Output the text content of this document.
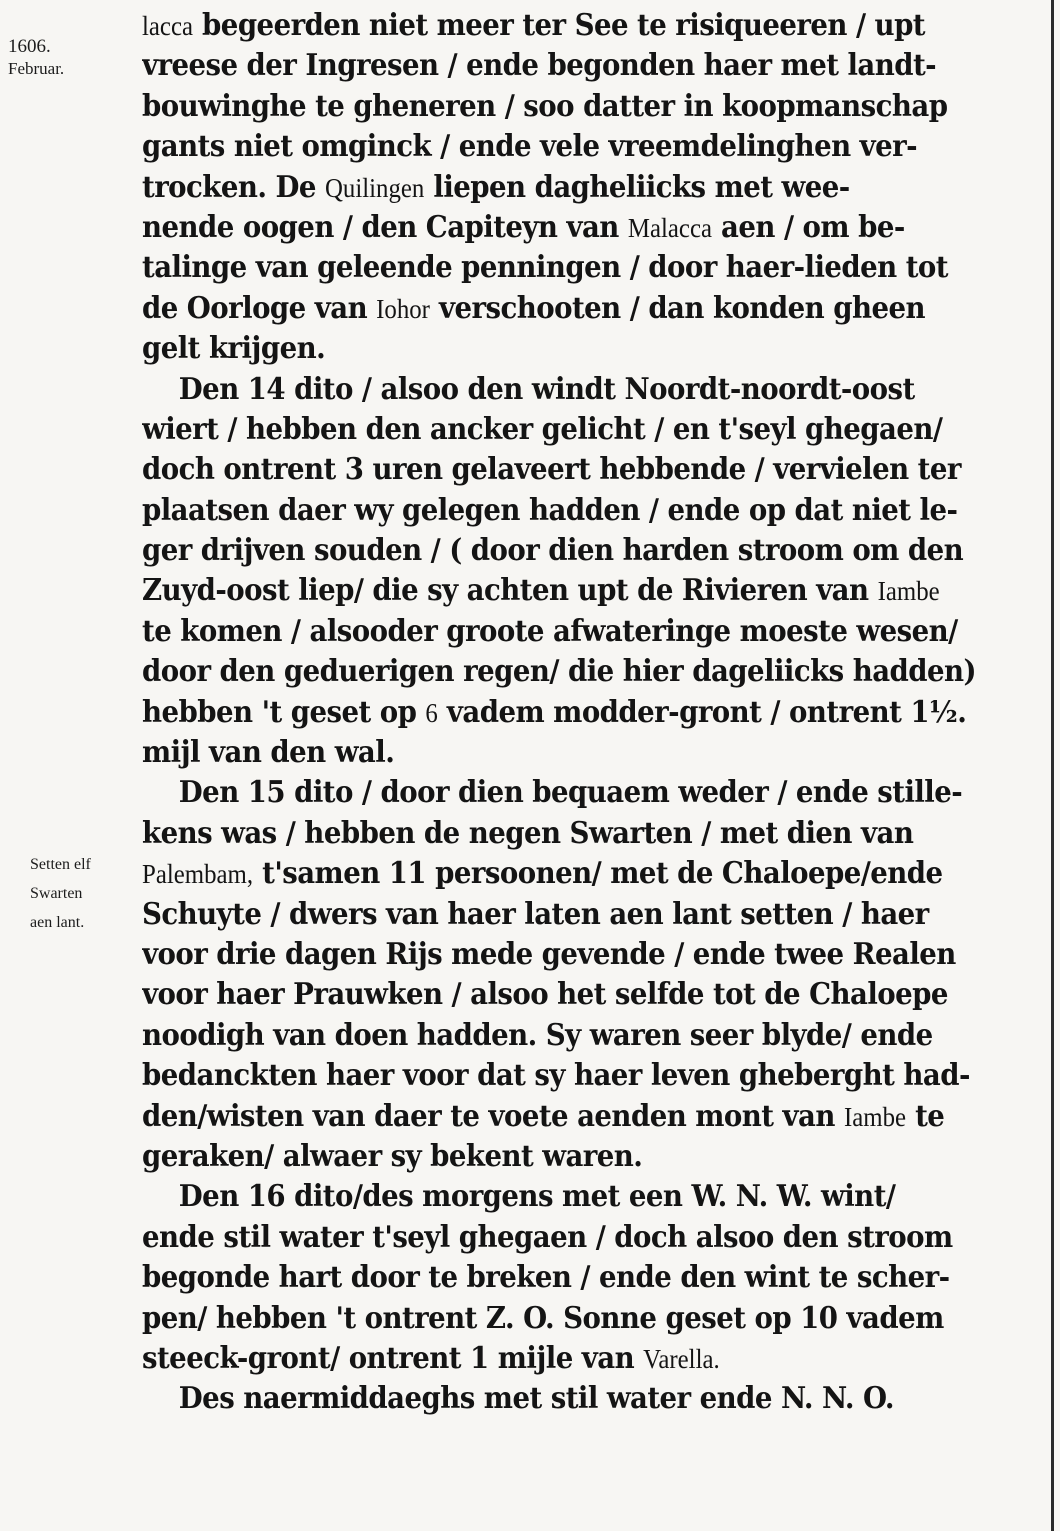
1606.
Februar.
Setten elf
Swarten
aen lant.
lacca begeerden niet meer ter See te risiqueeren / upt
vreese der Ingresen / ende begonden haer met landt-
bouwinghe te gheneren / soo datter in koopmanschap
gants niet omginck / ende vele vreemdelinghen ver-
trocken. De Quilingen liepen dagheliicks met wee-
nende oogen / den Capiteyn van Malacca aen / om be-
talinge van geleende penningen / door haer-lieden tot
de Oorloge van Iohor verschooten / dan konden gheen
gelt krijgen.
Den 14 dito / alsoo den windt Noordt-noordt-oost
wiert / hebben den ancker gelicht / en t'seyl ghegaen/
doch ontrent 3 uren gelaveert hebbende / vervielen ter
plaatsen daer wy gelegen hadden / ende op dat niet le-
ger drijven souden / ( door dien harden stroom om den
Zuyd-oost liep/ die sy achten upt de Rivieren van Iambe
te komen / alsooder groote afwateringe moeste wesen/
door den geduerigen regen/ die hier dageliicks hadden)
hebben 't geset op 6 vadem modder-gront / ontrent 1½.
mijl van den wal.
Den 15 dito / door dien bequaem weder / ende stille-
kens was / hebben de negen Swarten / met dien van
Palembam, t'samen 11 persoonen/ met de Chaloepe/ende
Schuyte / dwers van haer laten aen lant setten / haer
voor drie dagen Rijs mede gevende / ende twee Realen
voor haer Prauwken / alsoo het selfde tot de Chaloepe
noodigh van doen hadden. Sy waren seer blyde/ ende
bedanckten haer voor dat sy haer leven gheberght had-
den/wisten van daer te voete aenden mont van Iambe te
geraken/ alwaer sy bekent waren.
Den 16 dito/des morgens met een W. N. W. wint/
ende stil water t'seyl ghegaen / doch alsoo den stroom
begonde hart door te breken / ende den wint te scher-
pen/ hebben 't ontrent Z. O. Sonne geset op 10 vadem
steeck-gront/ ontrent 1 mijle van Varella.
Des naermiddaeghs met stil water ende N. N. O.
